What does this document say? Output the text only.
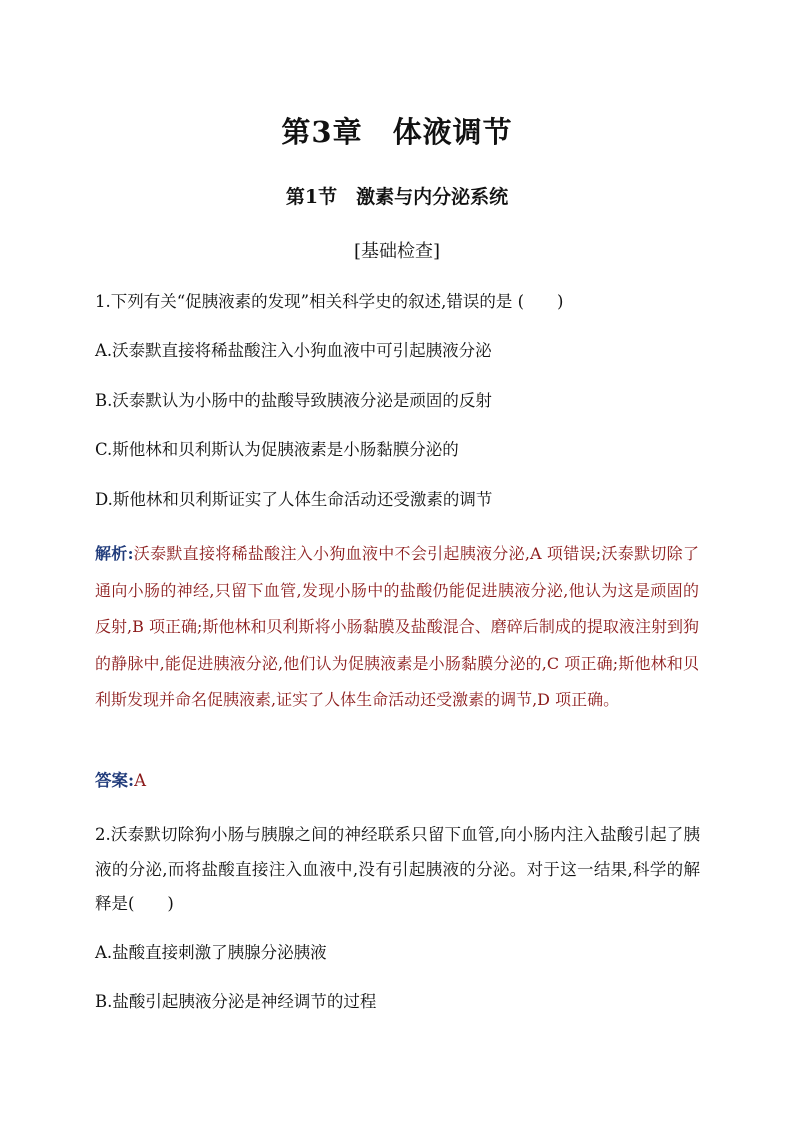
第3章　体液调节
第1节　激素与内分泌系统
[基础检查]
1.下列有关“促胰液素的发现”相关科学史的叙述,错误的是 (　　)
A.沃泰默直接将稀盐酸注入小狗血液中可引起胰液分泌
B.沃泰默认为小肠中的盐酸导致胰液分泌是顽固的反射
C.斯他林和贝利斯认为促胰液素是小肠黏膜分泌的
D.斯他林和贝利斯证实了人体生命活动还受激素的调节
解析:沃泰默直接将稀盐酸注入小狗血液中不会引起胰液分泌,A 项错误;沃泰默切除了通向小肠的神经,只留下血管,发现小肠中的盐酸仍能促进胰液分泌,他认为这是顽固的反射,B 项正确;斯他林和贝利斯将小肠黏膜及盐酸混合、磨碎后制成的提取液注射到狗的静脉中,能促进胰液分泌,他们认为促胰液素是小肠黏膜分泌的,C 项正确;斯他林和贝利斯发现并命名促胰液素,证实了人体生命活动还受激素的调节,D 项正确。
答案:A
2.沃泰默切除狗小肠与胰腺之间的神经联系只留下血管,向小肠内注入盐酸引起了胰液的分泌,而将盐酸直接注入血液中,没有引起胰液的分泌。对于这一结果,科学的解释是(　　)
A.盐酸直接刺激了胰腺分泌胰液
B.盐酸引起胰液分泌是神经调节的过程
